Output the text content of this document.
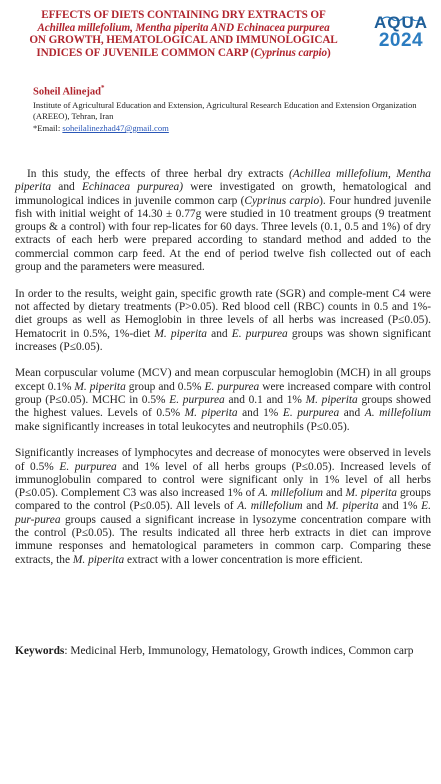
EFFECTS OF DIETS CONTAINING DRY EXTRACTS OF
Achillea millefolium, Mentha piperita AND Echinacea purpurea
ON GROWTH, HEMATOLOGICAL AND IMMUNOLOGICAL
INDICES OF JUVENILE COMMON CARP (Cyprinus carpio)
AQUA
2024
Soheil Alinejad*
Institute of Agricultural Education and Extension, Agricultural Research Education and Extension Organization (AREEO), Tehran, Iran
*Email: soheilalinezhad47@gmail.com

In this study, the effects of three herbal dry extracts (Achillea millefolium, Mentha piperita and Echinacea purpurea) were investigated on growth, hematological and immunological indices in juvenile common carp (Cyprinus carpio). Four hundred juvenile fish with initial weight of 14.30 ± 0.77g were studied in 10 treatment groups (9 treatment groups & a control) with four rep-licates for 60 days. Three levels (0.1, 0.5 and 1%) of dry extracts of each herb were prepared according to standard method and added to the commercial common carp feed. At the end of period twelve fish collected out of each group and the parameters were measured.

In order to the results, weight gain, specific growth rate (SGR) and comple-ment C4 were not affected by dietary treatments (P>0.05). Red blood cell (RBC) counts in 0.5 and 1%-diet groups as well as Hemoglobin in three levels of all herbs was increased (P≤0.05). Hematocrit in 0.5%, 1%-diet M. piperita and E. purpurea groups was shown significant increases (P≤0.05).

Mean corpuscular volume (MCV) and mean corpuscular hemoglobin (MCH) in all groups except 0.1% M. piperita group and 0.5% E. purpurea were increased compare with control group (P≤0.05). MCHC in 0.5% E. purpurea and 0.1 and 1% M. piperita groups showed the highest values. Levels of 0.5% M. piperita and 1% E. purpurea and A. millefolium make significantly increases in total leukocytes and neutrophils (P≤0.05).

Significantly increases of lymphocytes and decrease of monocytes were observed in levels of 0.5% E. purpurea and 1% level of all herbs groups (P≤0.05). Increased levels of immunoglobulin compared to control were significant only in 1% level of all herbs (P≤0.05). Complement C3 was also increased 1% of A. millefolium and M. piperita groups compared to the control (P≤0.05). All levels of A. millefolium and M. piperita and 1% E. pur-purea groups caused a significant increase in lysozyme concentration compare with the control (P≤0.05). The results indicated all three herb extracts in diet can improve immune responses and hematological parameters in common carp. Comparing these extracts, the M. piperita extract with a lower concentration is more efficient.

Keywords: Medicinal Herb, Immunology, Hematology, Growth indices, Common carp
